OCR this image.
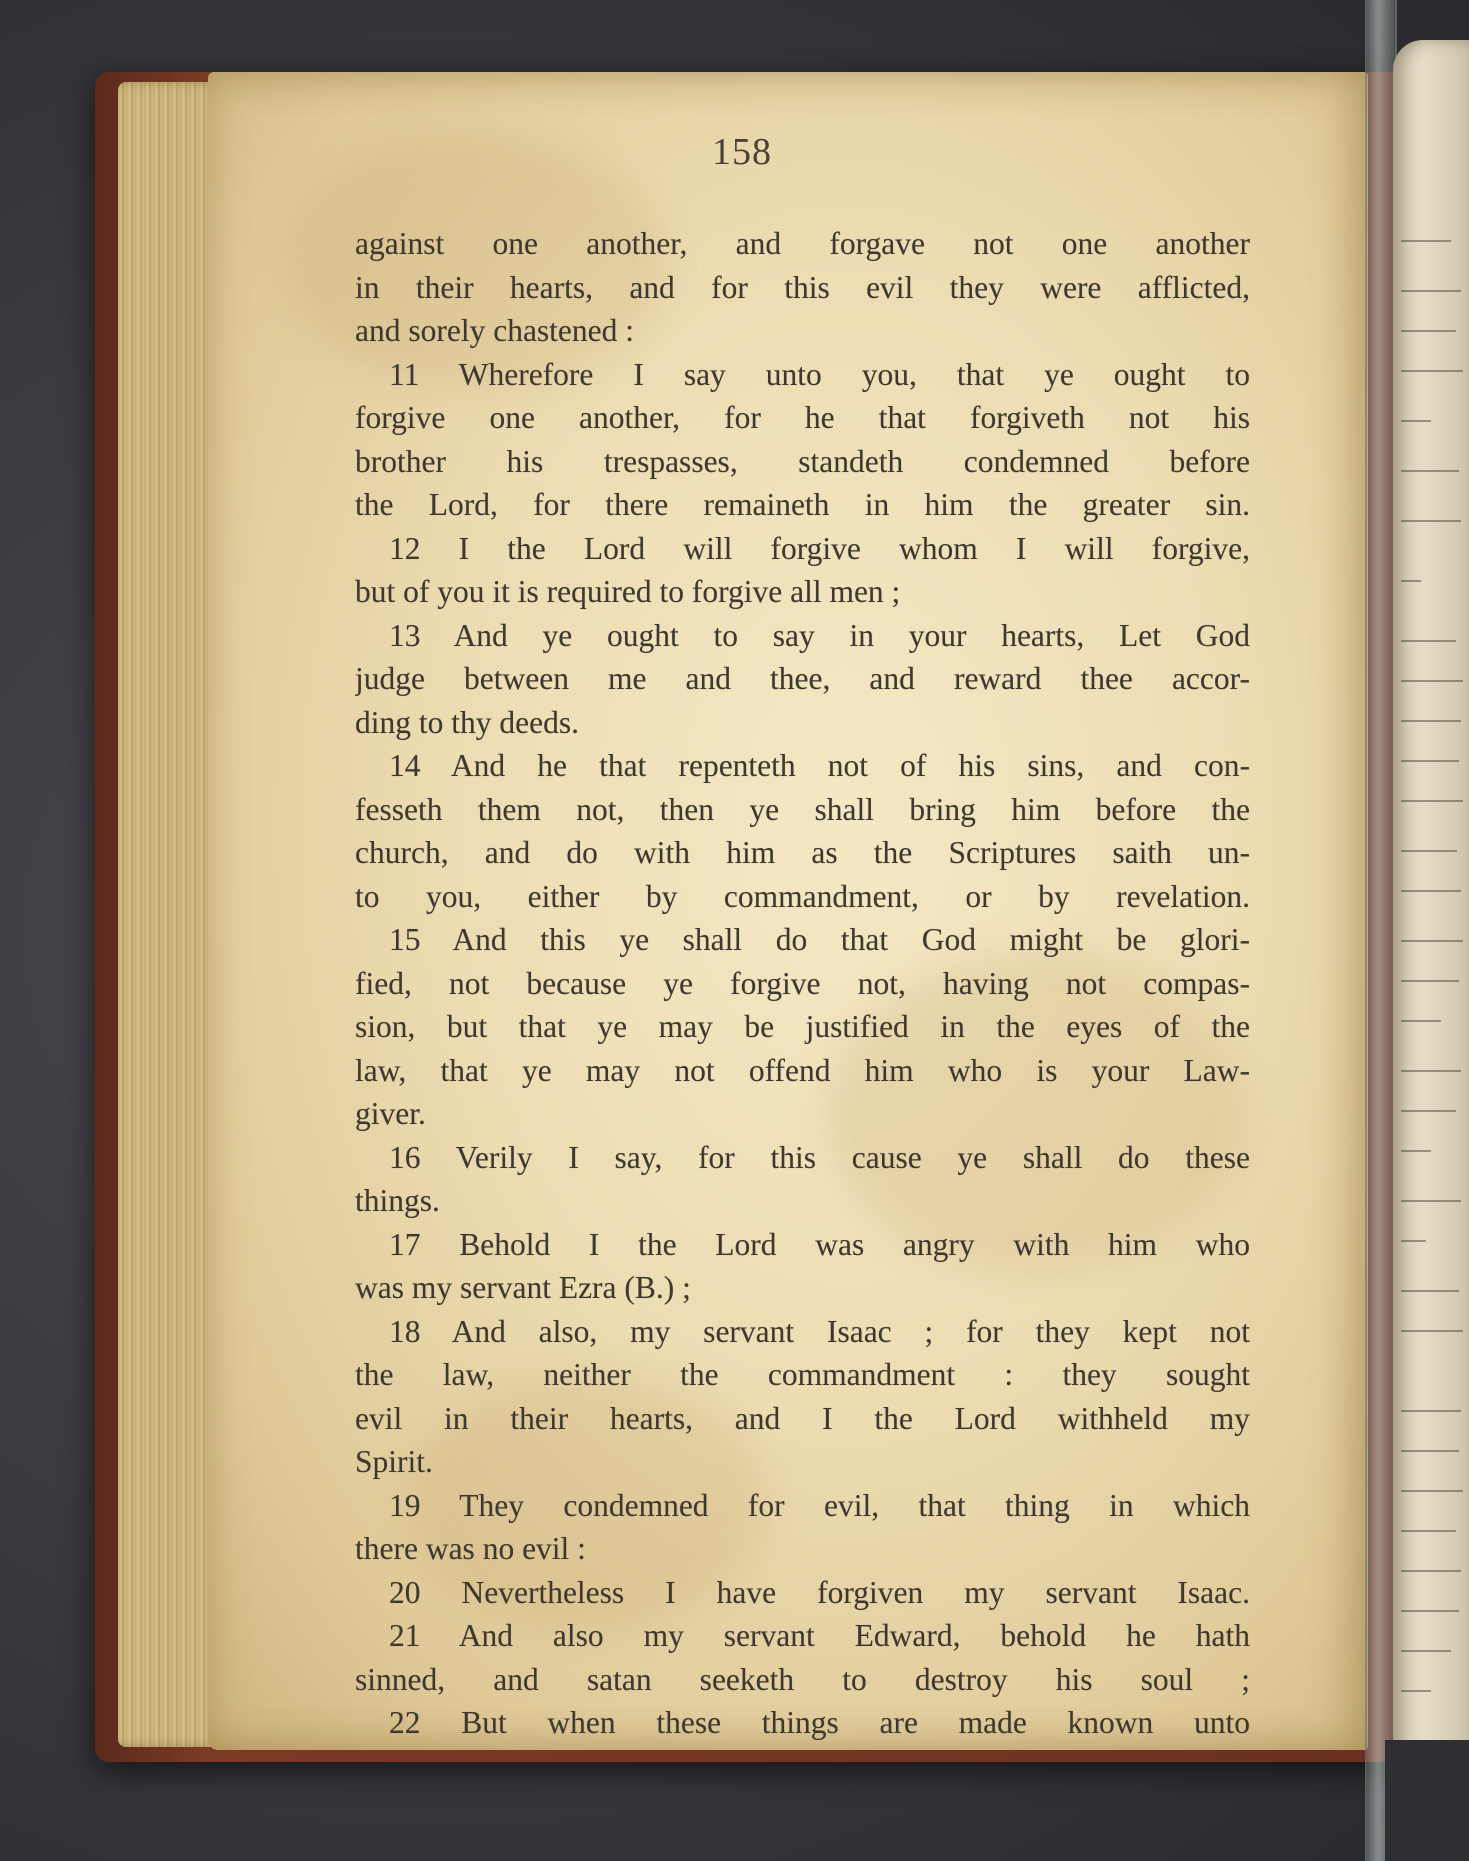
158
against one another, and forgave not one another
in their hearts, and for this evil they were afflicted,
and sorely chastened :
11 Wherefore I say unto you, that ye ought to
forgive one another, for he that forgiveth not his
brother his trespasses, standeth condemned before
the Lord, for there remaineth in him the greater sin.
12 I the Lord will forgive whom I will forgive,
but of you it is required to forgive all men ;
13 And ye ought to say in your hearts, Let God
judge between me and thee, and reward thee accor-
ding to thy deeds.
14 And he that repenteth not of his sins, and con-
fesseth them not, then ye shall bring him before the
church, and do with him as the Scriptures saith un-
to you, either by commandment, or by revelation.
15 And this ye shall do that God might be glori-
fied, not because ye forgive not, having not compas-
sion, but that ye may be justified in the eyes of the
law, that ye may not offend him who is your Law-
giver.
16 Verily I say, for this cause ye shall do these
things.
17 Behold I the Lord was angry with him who
was my servant Ezra (B.) ;
18 And also, my servant Isaac ; for they kept not
the law, neither the commandment : they sought
evil in their hearts, and I the Lord withheld my
Spirit.
19 They condemned for evil, that thing in which
there was no evil :
20 Nevertheless I have forgiven my servant Isaac.
21 And also my servant Edward, behold he hath
sinned, and satan seeketh to destroy his soul ;
22 But when these things are made known unto
